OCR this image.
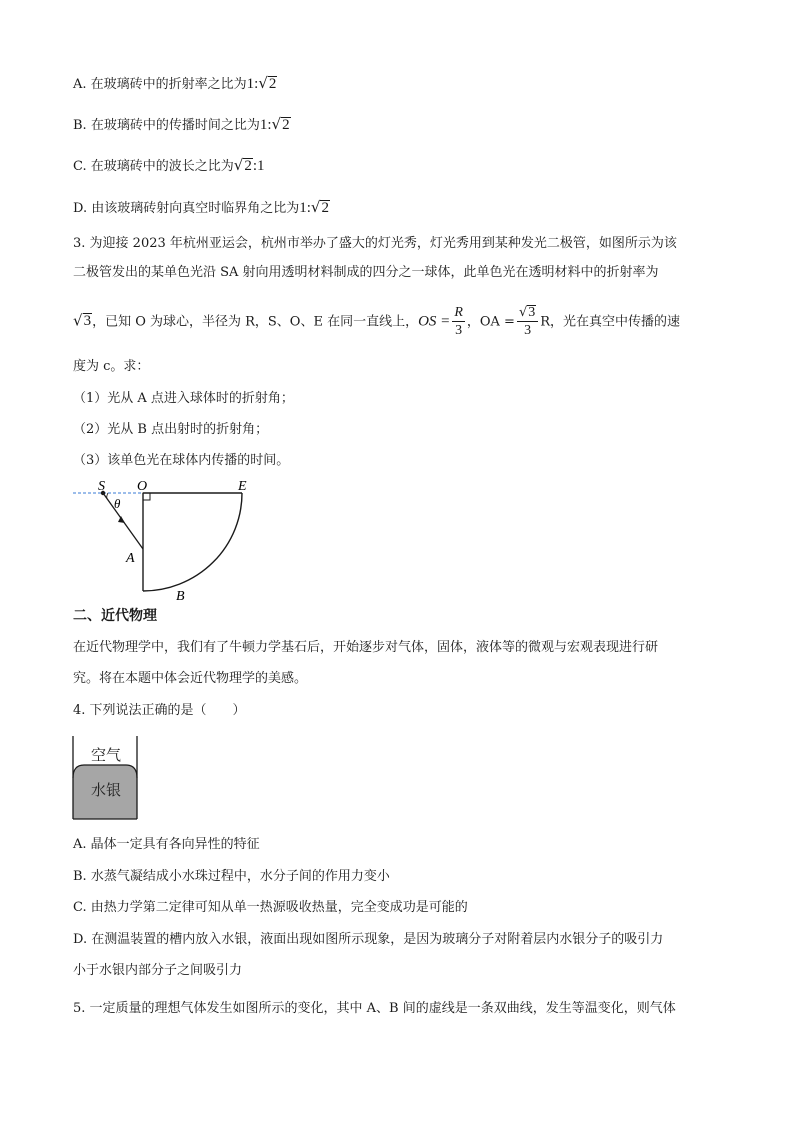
A. 在玻璃砖中的折射率之比为1:√2
B. 在玻璃砖中的传播时间之比为1:√2
C. 在玻璃砖中的波长之比为√2:1
D. 由该玻璃砖射向真空时临界角之比为1:√2
3. 为迎接 2023 年杭州亚运会，杭州市举办了盛大的灯光秀，灯光秀用到某种发光二极管，如图所示为该
二极管发出的某单色光沿 SA 射向用透明材料制成的四分之一球体，此单色光在透明材料中的折射率为
√3，已知 O 为球心，半径为 R，S、O、E 在同一直线上，OS = $\frac{R}{3}$ ，OA = $\frac{√3}{3}$ R，光在真空中传播的速
度为 c。求：
（1）光从 A 点进入球体时的折射角；
（2）光从 B 点出射时的折射角；
（3）该单色光在球体内传播的时间。
S O	E
θ
A
B
二、近代物理
在近代物理学中，我们有了牛顿力学基石后，开始逐步对气体，固体，液体等的微观与宏观表现进行研
究。将在本题中体会近代物理学的美感。
4. 下列说法正确的是（　　）
空气
水银
A. 晶体一定具有各向异性的特征
B. 水蒸气凝结成小水珠过程中，水分子间的作用力变小
C. 由热力学第二定律可知从单一热源吸收热量，完全变成功是可能的
D. 在测温装置的槽内放入水银，液面出现如图所示现象，是因为玻璃分子对附着层内水银分子的吸引力
小于水银内部分子之间吸引力
5. 一定质量的理想气体发生如图所示的变化，其中 A、B 间的虚线是一条双曲线，发生等温变化，则气体
